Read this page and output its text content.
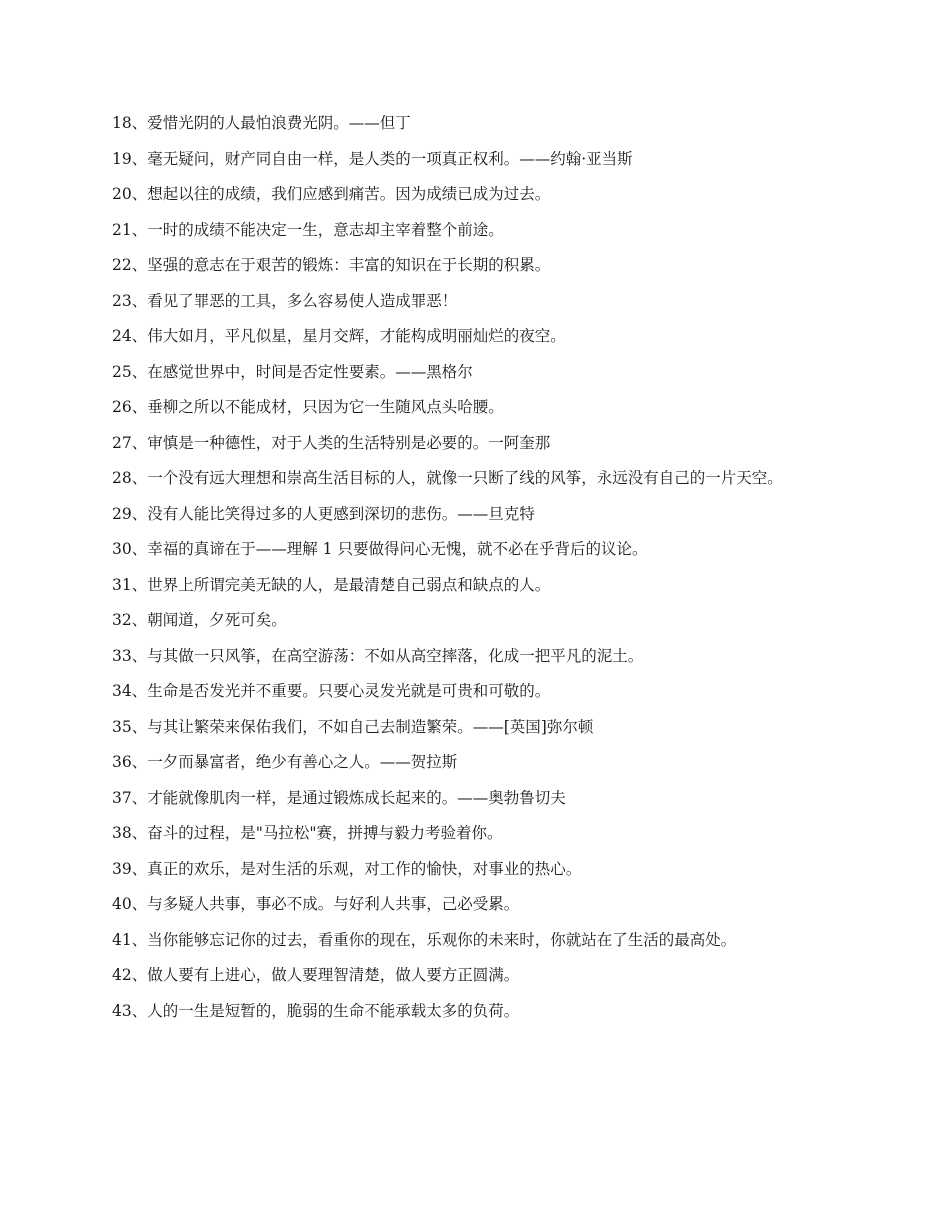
18、爱惜光阴的人最怕浪费光阴。——但丁
19、毫无疑问，财产同自由一样，是人类的一项真正权利。——约翰·亚当斯
20、想起以往的成绩，我们应感到痛苦。因为成绩已成为过去。
21、一时的成绩不能决定一生，意志却主宰着整个前途。
22、坚强的意志在于艰苦的锻炼：丰富的知识在于长期的积累。
23、看见了罪恶的工具，多么容易使人造成罪恶！
24、伟大如月，平凡似星，星月交辉，才能构成明丽灿烂的夜空。
25、在感觉世界中，时间是否定性要素。——黑格尔
26、垂柳之所以不能成材，只因为它一生随风点头哈腰。
27、审慎是一种德性，对于人类的生活特别是必要的。一阿奎那
28、一个没有远大理想和崇高生活目标的人，就像一只断了线的风筝，永远没有自己的一片天空。
29、没有人能比笑得过多的人更感到深切的悲伤。——旦克特
30、幸福的真谛在于——理解 1 只要做得问心无愧，就不必在乎背后的议论。
31、世界上所谓完美无缺的人，是最清楚自己弱点和缺点的人。
32、朝闻道，夕死可矣。
33、与其做一只风筝，在高空游荡：不如从高空摔落，化成一把平凡的泥土。
34、生命是否发光并不重要。只要心灵发光就是可贵和可敬的。
35、与其让繁荣来保佑我们，不如自己去制造繁荣。——[英国]弥尔顿
36、一夕而暴富者，绝少有善心之人。——贺拉斯
37、才能就像肌肉一样，是通过锻炼成长起来的。——奥勃鲁切夫
38、奋斗的过程，是"马拉松"赛，拼搏与毅力考验着你。
39、真正的欢乐，是对生活的乐观，对工作的愉快，对事业的热心。
40、与多疑人共事，事必不成。与好利人共事，己必受累。
41、当你能够忘记你的过去，看重你的现在，乐观你的未来时，你就站在了生活的最高处。
42、做人要有上进心，做人要理智清楚，做人要方正圆满。
43、人的一生是短暂的，脆弱的生命不能承载太多的负荷。
